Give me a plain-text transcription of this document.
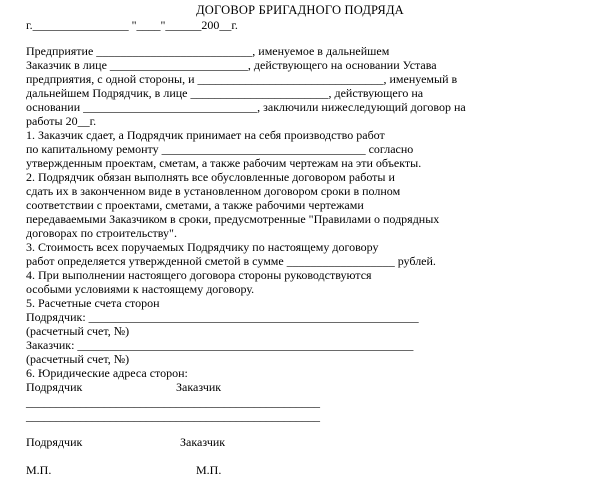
ДОГОВОР БРИГАДНОГО ПОДРЯДА
г.________________ "____"______200__г.
Предприятие __________________________, именуемое в дальнейшем
Заказчик в лице _______________________, действующего на основании Устава
предприятия, с одной стороны, и _______________________________, именуемый в
дальнейшем Подрядчик, в лице _______________________, действующего на
основании _____________________________, заключили нижеследующий договор на
работы 20__г.
1. Заказчик сдает, а Подрядчик принимает на себя производство работ
по капитальному ремонту __________________________________ согласно
утвержденным проектам, сметам, а также рабочим чертежам на эти объекты.
2. Подрядчик обязан выполнять все обусловленные договором работы и
сдать их в законченном виде в установленном договором сроки в полном
соответствии с проектами, сметами, а также рабочими чертежами
передаваемыми Заказчиком в сроки, предусмотренные "Правилами о подрядных
договорах по строительству".
3. Стоимость всех поручаемых Подрядчику по настоящему договору
работ определяется утвержденной сметой в сумме __________________ рублей.
4. При выполнении настоящего договора стороны руководствуются
особыми условиями к настоящему договору.
5. Расчетные счета сторон
Подрядчик: _______________________________________________________
(расчетный счет, №)
Заказчик: ________________________________________________________
(расчетный счет, №)
6. Юридические адреса сторон:
Подрядчик	Заказчик
_________________________ ________________________
_________________________ ________________________
Подрядчик	Заказчик
М.П.	М.П.
